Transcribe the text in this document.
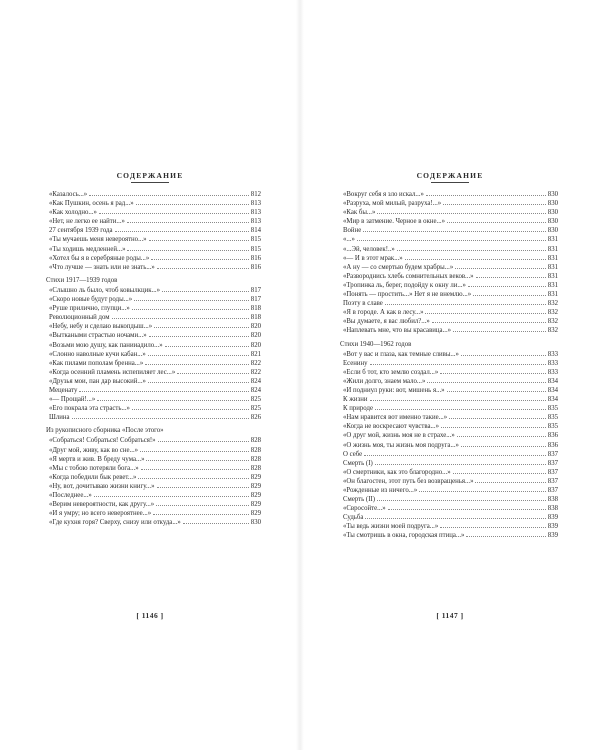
СОДЕРЖАНИЕ
«Казалось...»	812
«Как Пушкин, осень я рад...»	813
«Как холодно...»	813
«Нет, не легко ее найти...»	813
27 сентября 1939 года	814
«Ты мучаешь меня невероятно...»	815
«Ты ходишь медленней...»	815
«Хотел бы я в серебряные роды...»	816
«Что лучше — знать или не знать...»	816
Стихи 1917—1939 годов
«Слышно ль было, чтоб ковылкцик...»	817
«Скоро новые будут роды...»	817
«Руше прилично, глупци...»	818
Революционный дом	818
«Небу, небу и сделаю выкопдыш...»	820
«Выткаными страстью ночами...»	820
«Возьми мою душу, как панииадило...»	820
«Слонно наволные кучи кабан...»	821
«Как пилами пополам бренна...»	822
«Когда осенний пламень испепиляет лес...»	822
«Друзья мои, пан дар высокий...»	824
Меценату	824
«— Прощай!...»	825
«Его покрала эта страсть...»	825
Шлина	826
Из рукописного сборника «После этого»
«Собраться! Собраться! Собраться!»	828
«Друг мой, живу, как во сне...»	828
«Я мертв и жив. В бреду чума...»	828
«Мы с тобою потеряли бога...»	828
«Когда победили бык ревет...»	829
«Ну, вот, дочитываю жизни книгу...»	829
«Последнее...»	829
«Верим невероятности, как другу...»	829
«И я умру; но всего невероятнее...»	829
«Где кухня горя? Сверху, снизу или откуда...»	830
[ 1146 ]
СОДЕРЖАНИЕ
«Вокруг себя я зло искал...»	830
«Разруха, мой милый, разруха!...»	830
«Как бы...»	830
«Мир в затмение. Черное в окне...»	830
Войне	830
«...»	831
«...Эй, человек!..»	831
«— И в этот мрак...»	831
«А ну — со смертью будем храбры...»	831
«Развороднись хлебь сомнительных веков...»	831
«Тропинка ль, берег, подойду к окну ли...»	831
«Понять — простить...» Нет я не внемлю...»	831
Поэту в славе	832
«Я в городе. А как в лесу...»	832
«Вы думаете, я вас любил?...»	832
«Наплевать мне, что вы красавица...»	832
Стихи 1940—1962 годов
«Вот у вас и глаза, как темные сливы...»	833
Есенину	833
«Если б тот, кто землю создал...»	833
«Жили долго, знаем мало...»	834
«И подниул руки: вот, мишень я...»	834
К жизни	834
К природе	835
«Нам нравится вот именно такие...»	835
«Когда не воскресают чувства...»	835
«О друг мой, жизнь моя не в страхе...»	836
«О жизнь моя, ты жизнь моя подруга...»	836
О себе	837
Смерть (I)	837
«О смертники, как это благородно...»	837
«Он благостен, этот путь без возвращенья...»	837
«Рожденные из ничего...»	837
Смерть (II)	838
«Свросойте...»	838
Судьба	839
«Ты ведь жизни моей подруга...»	839
«Ты смотришь в окна, городская птица...»	839
[ 1147 ]
